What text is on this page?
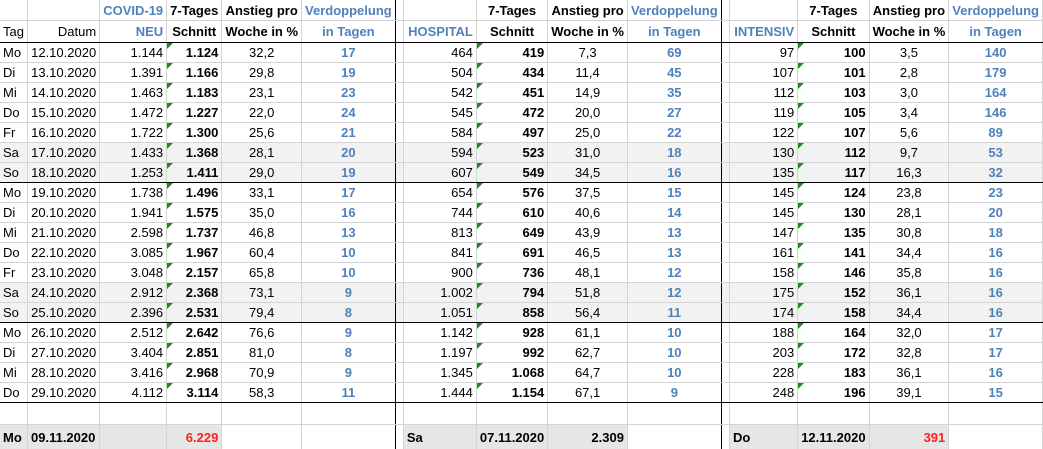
		COVID-19	7-Tages	Anstieg pro	Verdoppelung			7-Tages	Anstieg pro	Verdoppelung			7-Tages	Anstieg pro	Verdoppelung
Tag	Datum	NEU	Schnitt	Woche in %	in Tagen		HOSPITAL	Schnitt	Woche in %	in Tagen		INTENSIV	Schnitt	Woche in %	in Tagen
Mo	12.10.2020	1.144	1.124	32,2	17		464	419	7,3	69		97	100	3,5	140
Di	13.10.2020	1.391	1.166	29,8	19		504	434	11,4	45		107	101	2,8	179
Mi	14.10.2020	1.463	1.183	23,1	23		542	451	14,9	35		112	103	3,0	164
Do	15.10.2020	1.472	1.227	22,0	24		545	472	20,0	27		119	105	3,4	146
Fr	16.10.2020	1.722	1.300	25,6	21		584	497	25,0	22		122	107	5,6	89
Sa	17.10.2020	1.433	1.368	28,1	20		594	523	31,0	18		130	112	9,7	53
So	18.10.2020	1.253	1.411	29,0	19		607	549	34,5	16		135	117	16,3	32
Mo	19.10.2020	1.738	1.496	33,1	17		654	576	37,5	15		145	124	23,8	23
Di	20.10.2020	1.941	1.575	35,0	16		744	610	40,6	14		145	130	28,1	20
Mi	21.10.2020	2.598	1.737	46,8	13		813	649	43,9	13		147	135	30,8	18
Do	22.10.2020	3.085	1.967	60,4	10		841	691	46,5	13		161	141	34,4	16
Fr	23.10.2020	3.048	2.157	65,8	10		900	736	48,1	12		158	146	35,8	16
Sa	24.10.2020	2.912	2.368	73,1	9		1.002	794	51,8	12		175	152	36,1	16
So	25.10.2020	2.396	2.531	79,4	8		1.051	858	56,4	11		174	158	34,4	16
Mo	26.10.2020	2.512	2.642	76,6	9		1.142	928	61,1	10		188	164	32,0	17
Di	27.10.2020	3.404	2.851	81,0	8		1.197	992	62,7	10		203	172	32,8	17
Mi	28.10.2020	3.416	2.968	70,9	9		1.345	1.068	64,7	10		228	183	36,1	16
Do	29.10.2020	4.112	3.114	58,3	11		1.444	1.154	67,1	9		248	196	39,1	15

Mo	09.11.2020		6.229				Sa	07.11.2020	2.309			Do	12.11.2020	391	
